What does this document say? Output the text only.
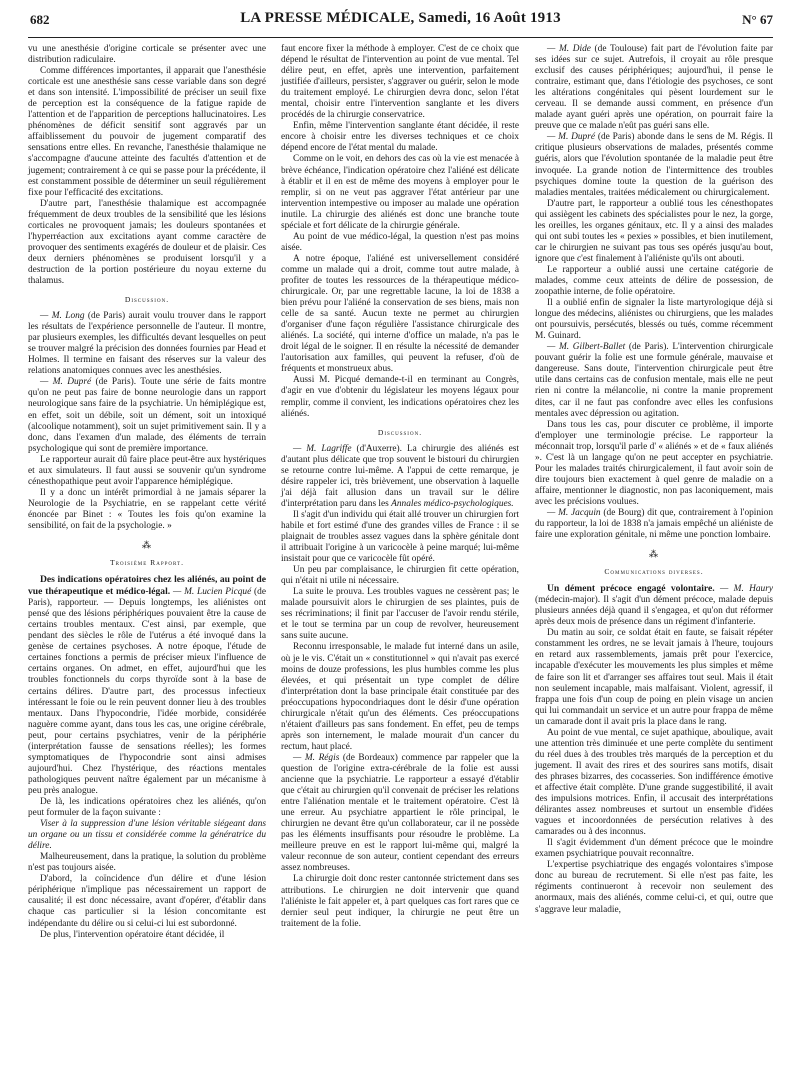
682	LA PRESSE MÉDICALE, Samedi, 16 Août 1913	N° 67

vu une anesthésie d'origine corticale se présenter avec une distribution radiculaire.

Comme différences importantes, il apparait que l'anesthésie corticale est une anesthésie sans cesse variable dans son degré et dans son intensité. L'impossibilité de préciser un seuil fixe de perception est la conséquence de la fatigue rapide de l'attention et de l'apparition de perceptions hallucinatoires. Les phénomènes de déficit sensitif sont aggravés par un affaiblissement du pouvoir de jugement comparatif des sensations entre elles. En revanche, l'anesthésie thalamique ne s'accompagne d'aucune atteinte des facultés d'attention et de jugement; contrairement à ce qui se passe pour la précédente, il est constamment possible de déterminer un seuil régulièrement fixe pour l'efficacité des excitations.

D'autre part, l'anesthésie thalamique est accompagnée fréquemment de deux troubles de la sensibilité que les lésions corticales ne provoquent jamais; les douleurs spontanées et l'hyperréaction aux excitations ayant comme caractère de provoquer des sentiments exagérés de douleur et de plaisir. Ces deux derniers phénomènes se produisent lorsqu'il y a destruction de la portion postérieure du noyau externe du thalamus.

Discussion.

— M. Long (de Paris) aurait voulu trouver dans le rapport les résultats de l'expérience personnelle de l'auteur. Il montre, par plusieurs exemples, les difficultés devant lesquelles on peut se trouver malgré la précision des données fournies par Head et Holmes. Il termine en faisant des réserves sur la valeur des relations anatomiques connues avec les anesthésies.

— M. Dupré (de Paris). Toute une série de faits montre qu'on ne peut pas faire de bonne neurologie dans un rapport neurologique sans faire de la psychiatrie. Un hémiplégique est, en effet, soit un débile, soit un dément, soit un intoxiqué (alcoolique notamment), soit un sujet primitivement sain. Il y a donc, dans l'examen d'un malade, des éléments de terrain psychologique qui sont de première importance.

Le rapporteur aurait dû faire place peut-être aux hystériques et aux simulateurs. Il faut aussi se souvenir qu'un syndrome cénesthopathique peut avoir l'apparence hémiplégique.

Il y a donc un intérêt primordial à ne jamais séparer la Neurologie de la Psychiatrie, en se rappelant cette vérité énoncée par Binet : « Toutes les fois qu'on examine la sensibilité, on fait de la psychologie. »

⁂
Troisième Rapport.

Des indications opératoires chez les aliénés, au point de vue thérapeutique et médico-légal. — M. Lucien Picqué (de Paris), rapporteur. — Depuis longtemps, les aliénistes ont pensé que des lésions périphériques pouvaient être la cause de certains troubles mentaux. C'est ainsi, par exemple, que pendant des siècles le rôle de l'utérus a été invoqué dans la genèse de certaines psychoses. A notre époque, l'étude de certaines fonctions a permis de préciser mieux l'influence de certains organes. On admet, en effet, aujourd'hui que les troubles fonctionnels du corps thyroïde sont à la base de certains délires. D'autre part, des processus infectieux intéressant le foie ou le rein peuvent donner lieu à des troubles mentaux. Dans l'hypocondrie, l'idée morbide, considérée naguère comme ayant, dans tous les cas, une origine cérébrale, peut, pour certains psychiatres, venir de la périphérie (interprétation fausse de sensations réelles); les formes symptomatiques de l'hypocondrie sont ainsi admises aujourd'hui. Chez l'hystérique, des réactions mentales pathologiques peuvent naître également par un mécanisme à peu près analogue.

De là, les indications opératoires chez les aliénés, qu'on peut formuler de la façon suivante :

Viser à la suppression d'une lésion véritable siégeant dans un organe ou un tissu et considérée comme la génératrice du délire.

Malheureusement, dans la pratique, la solution du problème n'est pas toujours aisée.

D'abord, la coïncidence d'un délire et d'une lésion périphérique n'implique pas nécessairement un rapport de causalité; il est donc nécessaire, avant d'opérer, d'établir dans chaque cas particulier si la lésion concomitante est indépendante du délire ou si celui-ci lui est subordonné.

De plus, l'intervention opératoire étant décidée, il

faut encore fixer la méthode à employer. C'est de ce choix que dépend le résultat de l'intervention au point de vue mental. Tel délire peut, en effet, après une intervention, parfaitement justifiée d'ailleurs, persister, s'aggraver ou guérir, selon le mode du traitement employé. Le chirurgien devra donc, selon l'état mental, choisir entre l'intervention sanglante et les divers procédés de la chirurgie conservatrice.

Enfin, même l'intervention sanglante étant décidée, il reste encore à choisir entre les diverses techniques et ce choix dépend encore de l'état mental du malade.

Comme on le voit, en dehors des cas où la vie est menacée à brève échéance, l'indication opératoire chez l'aliéné est délicate à établir et il en est de même des moyens à employer pour le remplir, si on ne veut pas aggraver l'état antérieur par une intervention intempestive ou imposer au malade une opération inutile. La chirurgie des aliénés est donc une branche toute spéciale et fort délicate de la chirurgie générale.

Au point de vue médico-légal, la question n'est pas moins aisée.

A notre époque, l'aliéné est universellement considéré comme un malade qui a droit, comme tout autre malade, à profiter de toutes les ressources de la thérapeutique médico-chirurgicale. Or, par une regrettable lacune, la loi de 1838 a bien prévu pour l'aliéné la conservation de ses biens, mais non celle de sa santé. Aucun texte ne permet au chirurgien d'organiser d'une façon régulière l'assistance chirurgicale des aliénés. La société, qui interne d'office un malade, n'a pas le droit légal de le soigner. Il en résulte la nécessité de demander l'autorisation aux familles, qui peuvent la refuser, d'où de fréquents et monstrueux abus.

Aussi M. Picqué demande-t-il en terminant au Congrès, d'agir en vue d'obtenir du législateur les moyens légaux pour remplir, comme il convient, les indications opératoires chez les aliénés.

Discussion.

— M. Lagriffe (d'Auxerre). La chirurgie des aliénés est d'autant plus délicate que trop souvent le bistouri du chirurgien se retourne contre lui-même. A l'appui de cette remarque, je désire rappeler ici, très brièvement, une observation à laquelle j'ai déjà fait allusion dans un travail sur le délire d'interprétation paru dans les Annales médico-psychologiques.

Il s'agit d'un individu qui était allé trouver un chirurgien fort habile et fort estimé d'une des grandes villes de France : il se plaignait de troubles assez vagues dans la sphère génitale dont il attribuait l'origine à un varicocèle à peine marqué; lui-même insistait pour que ce varicocèle fût opéré.

Un peu par complaisance, le chirurgien fit cette opération, qui n'était ni utile ni nécessaire.

La suite le prouva. Les troubles vagues ne cessèrent pas; le malade poursuivit alors le chirurgien de ses plaintes, puis de ses récriminations; il finit par l'accuser de l'avoir rendu stérile, et le tout se termina par un coup de revolver, heureusement sans suite aucune.

Reconnu irresponsable, le malade fut interné dans un asile, où je le vis. C'était un « constitutionnel » qui n'avait pas exercé moins de douze professions, les plus humbles comme les plus élevées, et qui présentait un type complet de délire d'interprétation dont la base principale était constituée par des préoccupations hypocondriaques dont le désir d'une opération chirurgicale n'était qu'un des éléments. Ces préoccupations n'étaient d'ailleurs pas sans fondement. En effet, peu de temps après son internement, le malade mourait d'un cancer du rectum, haut placé.

— M. Régis (de Bordeaux) commence par rappeler que la question de l'origine extra-cérébrale de la folie est aussi ancienne que la psychiatrie. Le rapporteur a essayé d'établir que c'était au chirurgien qu'il convenait de préciser les relations entre l'aliénation mentale et le traitement opératoire. C'est là une erreur. Au psychiatre appartient le rôle principal, le chirurgien ne devant être qu'un collaborateur, car il ne possède pas les éléments insuffisants pour résoudre le problème. La meilleure preuve en est le rapport lui-même qui, malgré la valeur reconnue de son auteur, contient cependant des erreurs assez nombreuses.

La chirurgie doit donc rester cantonnée strictement dans ses attributions. Le chirurgien ne doit intervenir que quand l'aliéniste le fait appeler et, à part quelques cas fort rares que ce dernier seul peut indiquer, la chirurgie ne peut être un traitement de la folie.

— M. Dide (de Toulouse) fait part de l'évolution faite par ses idées sur ce sujet. Autrefois, il croyait au rôle presque exclusif des causes périphériques; aujourd'hui, il pense le contraire, estimant que, dans l'étiologie des psychoses, ce sont les altérations congénitales qui pèsent lourdement sur le cerveau. Il se demande aussi comment, en présence d'un malade ayant guéri après une opération, on pourrait faire la preuve que ce malade n'eût pas guéri sans elle.

— M. Dupré (de Paris) abonde dans le sens de M. Régis. Il critique plusieurs observations de malades, présentés comme guéris, alors que l'évolution spontanée de la maladie peut être invoquée. La grande notion de l'intermittence des troubles psychiques domine toute la question de la guérison des maladies mentales, traitées médicalement ou chirurgicalement.

D'autre part, le rapporteur a oublié tous les cénesthopates qui assiègent les cabinets des spécialistes pour le nez, la gorge, les oreilles, les organes génitaux, etc. Il y a ainsi des malades qui ont subi toutes les « pexies » possibles, et bien inutilement, car le chirurgien ne suivant pas tous ses opérés jusqu'au bout, ignore que c'est finalement à l'aliéniste qu'ils ont abouti.

Le rapporteur a oublié aussi une certaine catégorie de malades, comme ceux atteints de délire de possession, de zoopathie interne, de folie opératoire.

Il a oublié enfin de signaler la liste martyrologique déjà si longue des médecins, aliénistes ou chirurgiens, que les malades ont poursuivis, persécutés, blessés ou tués, comme récemment M. Guinard.

— M. Gilbert-Ballet (de Paris). L'intervention chirurgicale pouvant guérir la folie est une formule générale, mauvaise et dangereuse. Sans doute, l'intervention chirurgicale peut être utile dans certains cas de confusion mentale, mais elle ne peut rien ni contre la mélancolie, ni contre la manie proprement dites, car il ne faut pas confondre avec elles les confusions mentales avec dépression ou agitation.

Dans tous les cas, pour discuter ce problème, il importe d'employer une terminologie précise. Le rapporteur la méconnait trop, lorsqu'il parle d' « aliénés » et de « faux aliénés ». C'est là un langage qu'on ne peut accepter en psychiatrie. Pour les malades traités chirurgicalement, il faut avoir soin de dire toujours bien exactement à quel genre de maladie on a affaire, mentionner le diagnostic, non pas laconiquement, mais avec les précisions voulues.

— M. Jacquin (de Bourg) dit que, contrairement à l'opinion du rapporteur, la loi de 1838 n'a jamais empêché un aliéniste de faire une exploration génitale, ni même une ponction lombaire.

⁂
Communications diverses.

Un dément précoce engagé volontaire. — M. Haury (médecin-major). Il s'agit d'un dément précoce, malade depuis plusieurs années déjà quand il s'engagea, et qu'on dut réformer après deux mois de présence dans un régiment d'infanterie.

Du matin au soir, ce soldat était en faute, se faisait répéter constamment les ordres, ne se levait jamais à l'heure, toujours en retard aux rassemblements, jamais prêt pour l'exercice, incapable d'exécuter les mouvements les plus simples et même de faire son lit et d'arranger ses affaires tout seul. Mais il était non seulement incapable, mais malfaisant. Violent, agressif, il frappa une fois d'un coup de poing en plein visage un ancien qui lui commandait un service et un autre pour frappa de même un camarade dont il avait pris la place dans le rang.

Au point de vue mental, ce sujet apathique, aboulique, avait une attention très diminuée et une perte complète du sentiment du réel dues à des troubles très marqués de la perception et du jugement. Il avait des rires et des sourires sans motifs, disait des phrases bizarres, des cocasseries. Son indifférence émotive et affective était complète. D'une grande suggestibilité, il avait des impulsions motrices. Enfin, il accusait des interprétations délirantes assez nombreuses et surtout un ensemble d'idées vagues et incoordonnées de persécution relatives à des camarades ou à des inconnus.

Il s'agit évidemment d'un dément précoce que le moindre examen psychiatrique pouvait reconnaître.

L'expertise psychiatrique des engagés volontaires s'impose donc au bureau de recrutement. Si elle n'est pas faite, les régiments continueront à recevoir non seulement des anormaux, mais des aliénés, comme celui-ci, et qui, outre que s'aggrave leur maladie,
